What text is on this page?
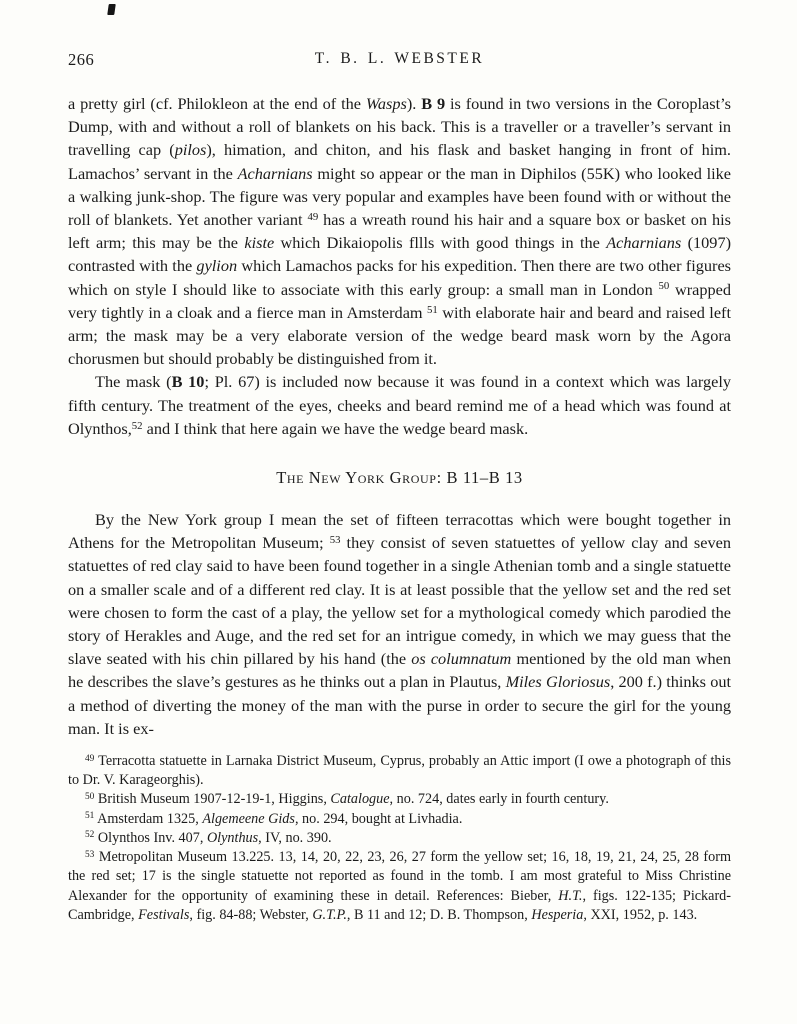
266	T. B. L. WEBSTER

a pretty girl (cf. Philokleon at the end of the Wasps). B 9 is found in two versions in the Coroplast’s Dump, with and without a roll of blankets on his back. This is a traveller or a traveller’s servant in travelling cap (pilos), himation, and chiton, and his flask and basket hanging in front of him. Lamachos’ servant in the Acharnians might so appear or the man in Diphilos (55K) who looked like a walking junk-shop. The figure was very popular and examples have been found with or without the roll of blankets. Yet another variant $^{49}$ has a wreath round his hair and a square box or basket on his left arm; this may be the kiste which Dikaiopolis fllls with good things in the Acharnians (1097) contrasted with the gylion which Lamachos packs for his expedition. Then there are two other figures which on style I should like to associate with this early group: a small man in London $^{50}$ wrapped very tightly in a cloak and a fierce man in Amsterdam $^{51}$ with elaborate hair and beard and raised left arm; the mask may be a very elaborate version of the wedge beard mask worn by the Agora chorusmen but should probably be distinguished from it.

The mask (B 10; Pl. 67) is included now because it was found in a context which was largely fifth century. The treatment of the eyes, cheeks and beard remind me of a head which was found at Olynthos,$^{52}$ and I think that here again we have the wedge beard mask.

The New York Group: B 11–B 13

By the New York group I mean the set of fifteen terracottas which were bought together in Athens for the Metropolitan Museum; $^{53}$ they consist of seven statuettes of yellow clay and seven statuettes of red clay said to have been found together in a single Athenian tomb and a single statuette on a smaller scale and of a different red clay. It is at least possible that the yellow set and the red set were chosen to form the cast of a play, the yellow set for a mythological comedy which parodied the story of Herakles and Auge, and the red set for an intrigue comedy, in which we may guess that the slave seated with his chin pillared by his hand (the os columnatum mentioned by the old man when he describes the slave’s gestures as he thinks out a plan in Plautus, Miles Gloriosus, 200 f.) thinks out a method of diverting the money of the man with the purse in order to secure the girl for the young man. It is ex-

$^{49}$ Terracotta statuette in Larnaka District Museum, Cyprus, probably an Attic import (I owe a photograph of this to Dr. V. Karageorghis).

$^{50}$ British Museum 1907-12-19-1, Higgins, Catalogue, no. 724, dates early in fourth century.

$^{51}$ Amsterdam 1325, Algemeene Gids, no. 294, bought at Livhadia.

$^{52}$ Olynthos Inv. 407, Olynthus, IV, no. 390.

$^{53}$ Metropolitan Museum 13.225. 13, 14, 20, 22, 23, 26, 27 form the yellow set; 16, 18, 19, 21, 24, 25, 28 form the red set; 17 is the single statuette not reported as found in the tomb. I am most grateful to Miss Christine Alexander for the opportunity of examining these in detail. References: Bieber, H.T., figs. 122-135; Pickard-Cambridge, Festivals, fig. 84-88; Webster, G.T.P., B 11 and 12; D. B. Thompson, Hesperia, XXI, 1952, p. 143.
